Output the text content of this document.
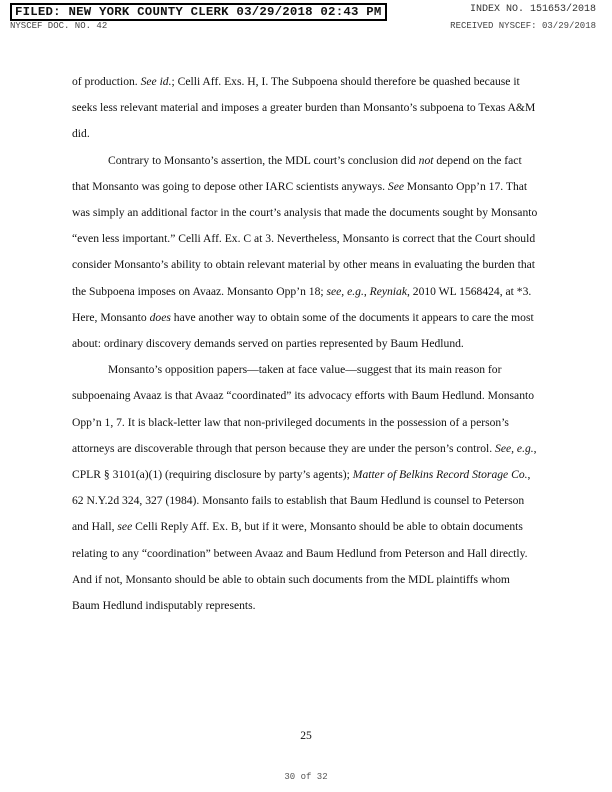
FILED: NEW YORK COUNTY CLERK 03/29/2018 02:43 PM	INDEX NO. 151653/2018
NYSCEF DOC. NO. 42	RECEIVED NYSCEF: 03/29/2018

of production. See id.; Celli Aff. Exs. H, I. The Subpoena should therefore be quashed because it seeks less relevant material and imposes a greater burden than Monsanto’s subpoena to Texas A&M did.

Contrary to Monsanto’s assertion, the MDL court’s conclusion did not depend on the fact that Monsanto was going to depose other IARC scientists anyways. See Monsanto Opp’n 17. That was simply an additional factor in the court’s analysis that made the documents sought by Monsanto “even less important.” Celli Aff. Ex. C at 3. Nevertheless, Monsanto is correct that the Court should consider Monsanto’s ability to obtain relevant material by other means in evaluating the burden that the Subpoena imposes on Avaaz. Monsanto Opp’n 18; see, e.g., Reyniak, 2010 WL 1568424, at *3. Here, Monsanto does have another way to obtain some of the documents it appears to care the most about: ordinary discovery demands served on parties represented by Baum Hedlund.

Monsanto’s opposition papers—taken at face value—suggest that its main reason for subpoenaing Avaaz is that Avaaz “coordinated” its advocacy efforts with Baum Hedlund. Monsanto Opp’n 1, 7. It is black-letter law that non-privileged documents in the possession of a person’s attorneys are discoverable through that person because they are under the person’s control. See, e.g., CPLR § 3101(a)(1) (requiring disclosure by party’s agents); Matter of Belkins Record Storage Co., 62 N.Y.2d 324, 327 (1984). Monsanto fails to establish that Baum Hedlund is counsel to Peterson and Hall, see Celli Reply Aff. Ex. B, but if it were, Monsanto should be able to obtain documents relating to any “coordination” between Avaaz and Baum Hedlund from Peterson and Hall directly. And if not, Monsanto should be able to obtain such documents from the MDL plaintiffs whom Baum Hedlund indisputably represents.

25
30 of 32
